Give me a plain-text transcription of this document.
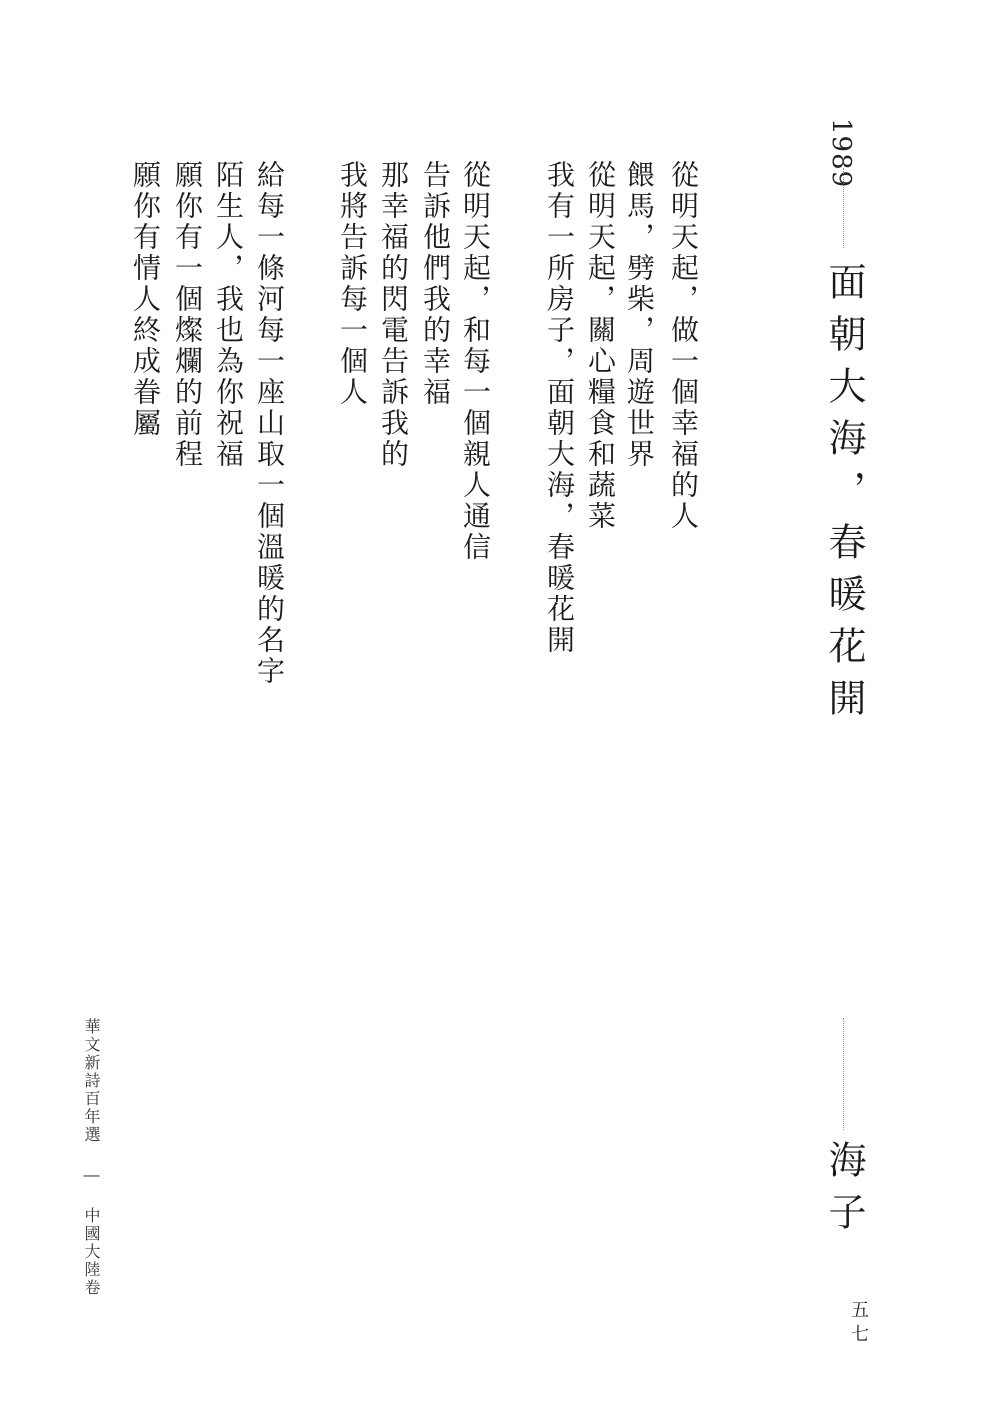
1989

面朝大海，春暖花開

海子

五七

從明天起，做一個幸福的人

餵馬，劈柴，周遊世界

從明天起，關心糧食和蔬菜

我有一所房子，面朝大海，春暖花開

從明天起，和每一個親人通信

告訴他們我的幸福

那幸福的閃電告訴我的

我將告訴每一個人

給每一條河每一座山取一個溫暖的名字

陌生人，我也為你祝福

願你有一個燦爛的前程

願你有情人終成眷屬

華文新詩百年選 ― 中國大陸卷
